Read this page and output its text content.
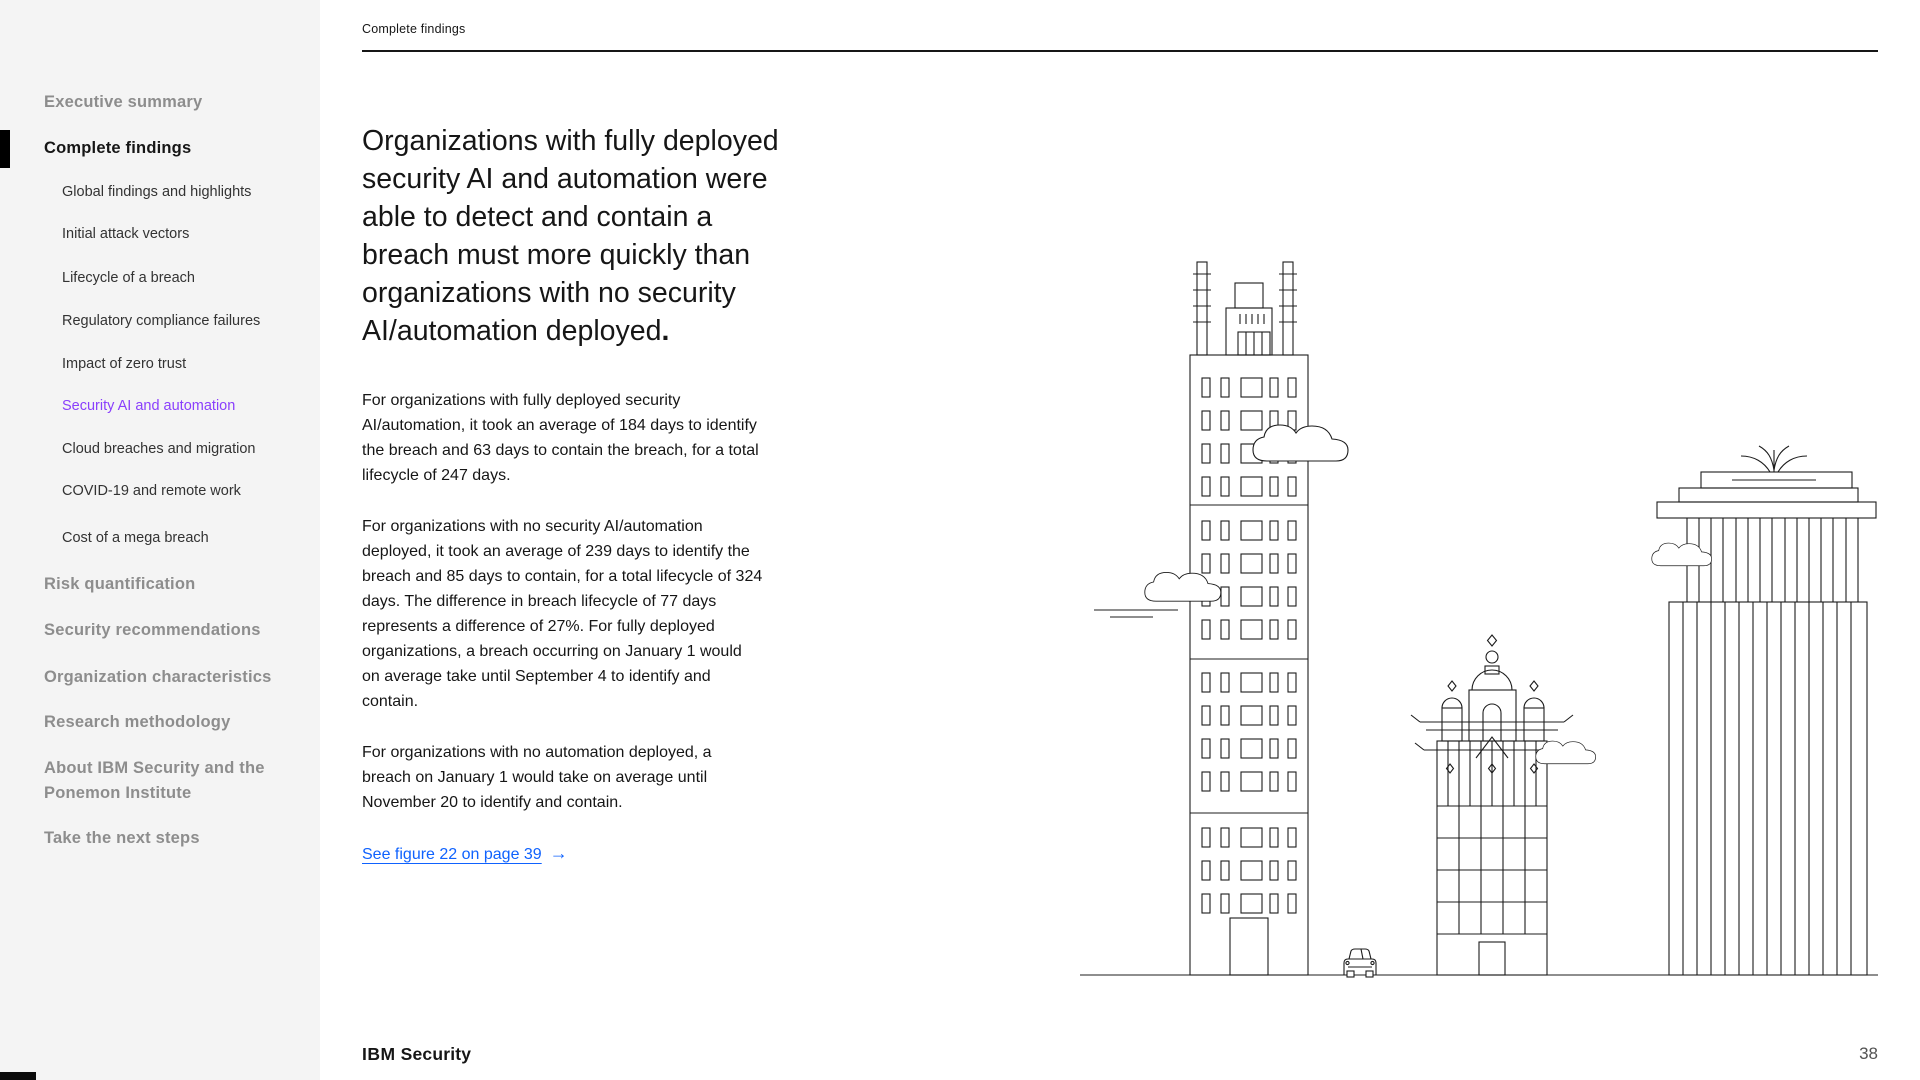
Executive summary
Complete findings
Global findings and highlights
Initial attack vectors
Lifecycle of a breach
Regulatory compliance failures
Impact of zero trust
Security AI and automation
Cloud breaches and migration
COVID-19 and remote work
Cost of a mega breach
Risk quantification
Security recommendations
Organization characteristics
Research methodology
About IBM Security and the Ponemon Institute
Take the next steps
Complete findings
Organizations with fully deployed
security AI and automation were
able to detect and contain a
breach must more quickly than
organizations with no security
AI/automation deployed.

For organizations with fully deployed security AI/automation, it took an average of 184 days to identify the breach and 63 days to contain the breach, for a total lifecycle of 247 days.

For organizations with no security AI/automation deployed, it took an average of 239 days to identify the breach and 85 days to contain, for a total lifecycle of 324 days. The difference in breach lifecycle of 77 days represents a difference of 27%. For fully deployed organizations, a breach occurring on January 1 would on average take until September 4 to identify and contain.

For organizations with no automation deployed, a breach on January 1 would take on average until November 20 to identify and contain.

See figure 22 on page 39 →
IBM Security	38
